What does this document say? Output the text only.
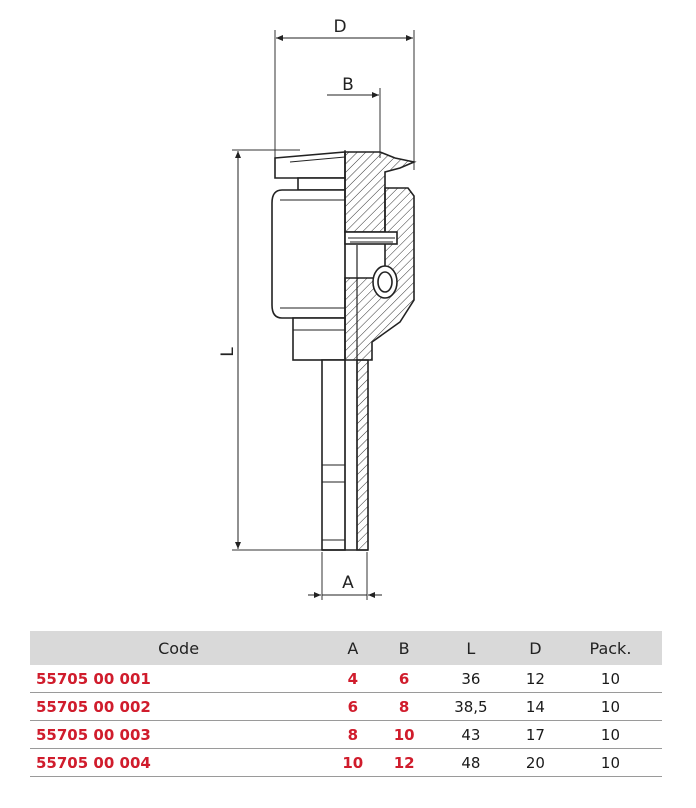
D
B
L
A
Code	A	B	L	D	Pack.
55705 00 001	4	6	36	12	10
55705 00 002	6	8	38,5	14	10
55705 00 003	8	10	43	17	10
55705 00 004	10	12	48	20	10
